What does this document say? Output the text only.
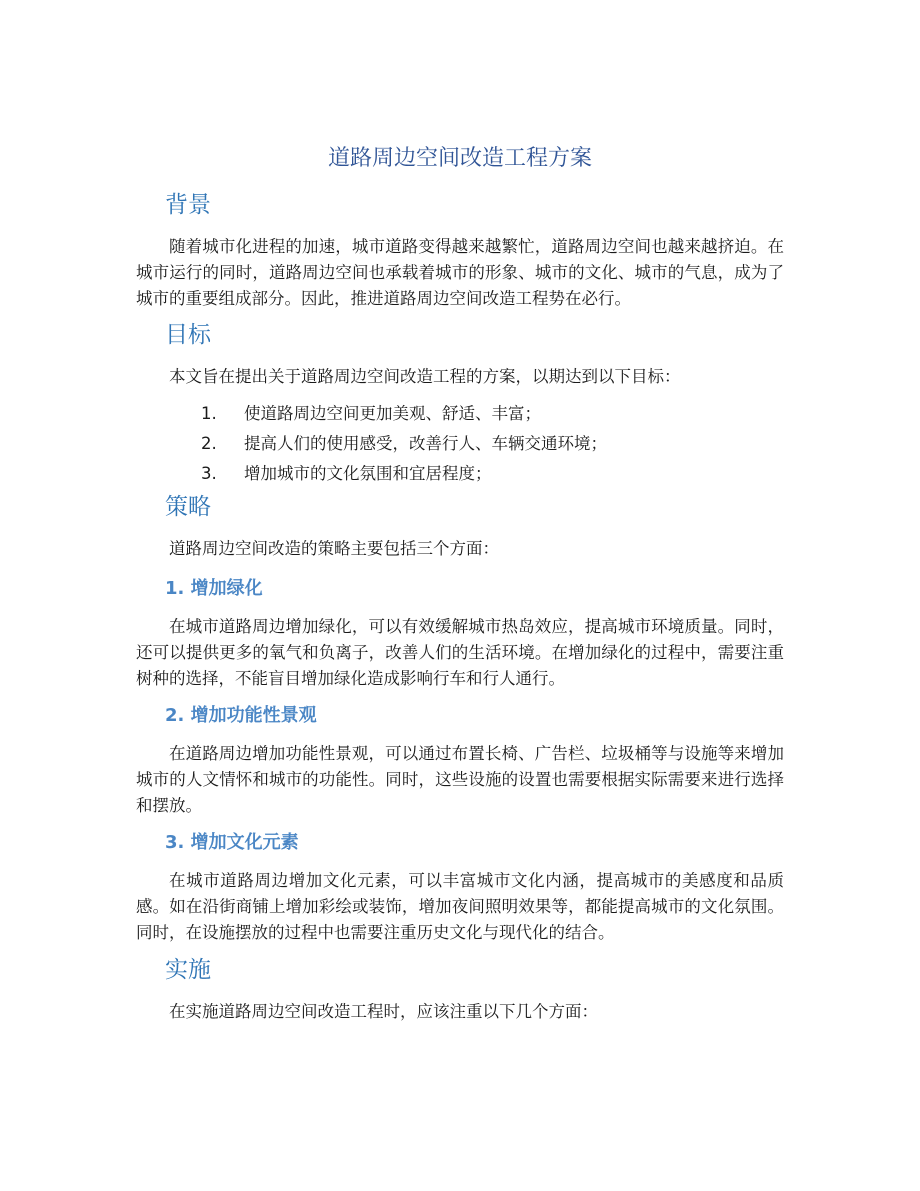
道路周边空间改造工程方案
背景

随着城市化进程的加速，城市道路变得越来越繁忙，道路周边空间也越来越挤迫。在城市运行的同时，道路周边空间也承载着城市的形象、城市的文化、城市的气息，成为了城市的重要组成部分。因此，推进道路周边空间改造工程势在必行。

目标

本文旨在提出关于道路周边空间改造工程的方案，以期达到以下目标：

1. 使道路周边空间更加美观、舒适、丰富；
2. 提高人们的使用感受，改善行人、车辆交通环境；
3. 增加城市的文化氛围和宜居程度；
策略

道路周边空间改造的策略主要包括三个方面：

1. 增加绿化

在城市道路周边增加绿化，可以有效缓解城市热岛效应，提高城市环境质量。同时，还可以提供更多的氧气和负离子，改善人们的生活环境。在增加绿化的过程中，需要注重树种的选择，不能盲目增加绿化造成影响行车和行人通行。

2. 增加功能性景观

在道路周边增加功能性景观，可以通过布置长椅、广告栏、垃圾桶等与设施等来增加城市的人文情怀和城市的功能性。同时，这些设施的设置也需要根据实际需要来进行选择和摆放。

3. 增加文化元素

在城市道路周边增加文化元素，可以丰富城市文化内涵，提高城市的美感度和品质感。如在沿街商铺上增加彩绘或装饰，增加夜间照明效果等，都能提高城市的文化氛围。同时，在设施摆放的过程中也需要注重历史文化与现代化的结合。

实施

在实施道路周边空间改造工程时，应该注重以下几个方面：
